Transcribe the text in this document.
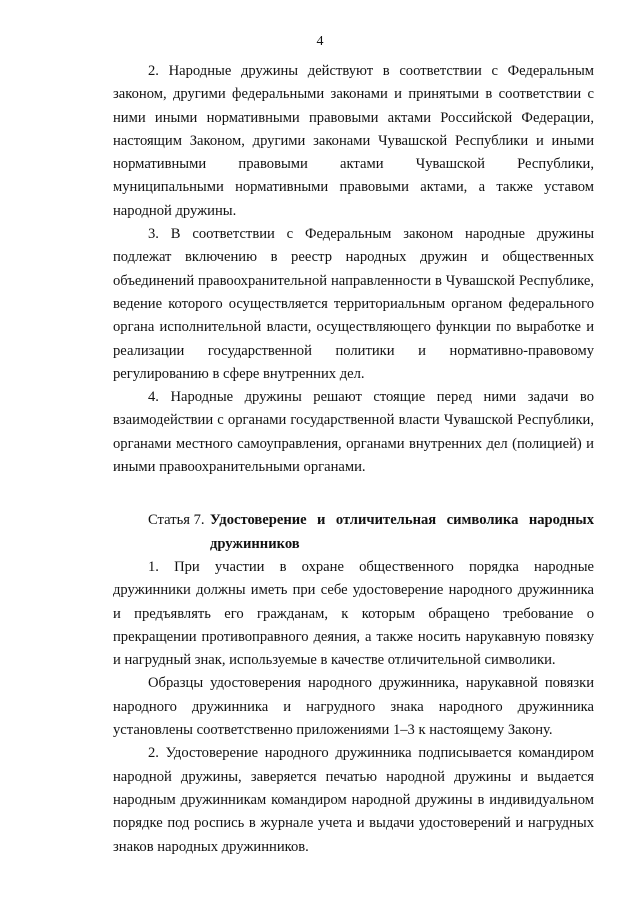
4

2. Народные дружины действуют в соответствии с Федеральным законом, другими федеральными законами и принятыми в соответствии с ними иными нормативными правовыми актами Российской Федерации, настоящим Законом, другими законами Чувашской Республики и иными нормативными правовыми актами Чувашской Республики, муниципальными нормативными правовыми актами, а также уставом народной дружины.

3. В соответствии с Федеральным законом народные дружины подлежат включению в реестр народных дружин и общественных объединений правоохранительной направленности в Чувашской Республике, ведение которого осуществляется территориальным органом федерального органа исполнительной власти, осуществляющего функции по выработке и реализации государственной политики и нормативно-правовому регулированию в сфере внутренних дел.

4. Народные дружины решают стоящие перед ними задачи во взаимодействии с органами государственной власти Чувашской Республики, органами местного самоуправления, органами внутренних дел (полицией) и иными правоохранительными органами.

Статья 7. Удостоверение и отличительная символика народных дружинников

1. При участии в охране общественного порядка народные дружинники должны иметь при себе удостоверение народного дружинника и предъявлять его гражданам, к которым обращено требование о прекращении противоправного деяния, а также носить нарукавную повязку и нагрудный знак, используемые в качестве отличительной символики.

Образцы удостоверения народного дружинника, нарукавной повязки народного дружинника и нагрудного знака народного дружинника установлены соответственно приложениями 1–3 к настоящему Закону.

2. Удостоверение народного дружинника подписывается командиром народной дружины, заверяется печатью народной дружины и выдается народным дружинникам командиром народной дружины в индивидуальном порядке под роспись в журнале учета и выдачи удостоверений и нагрудных знаков народных дружинников.
